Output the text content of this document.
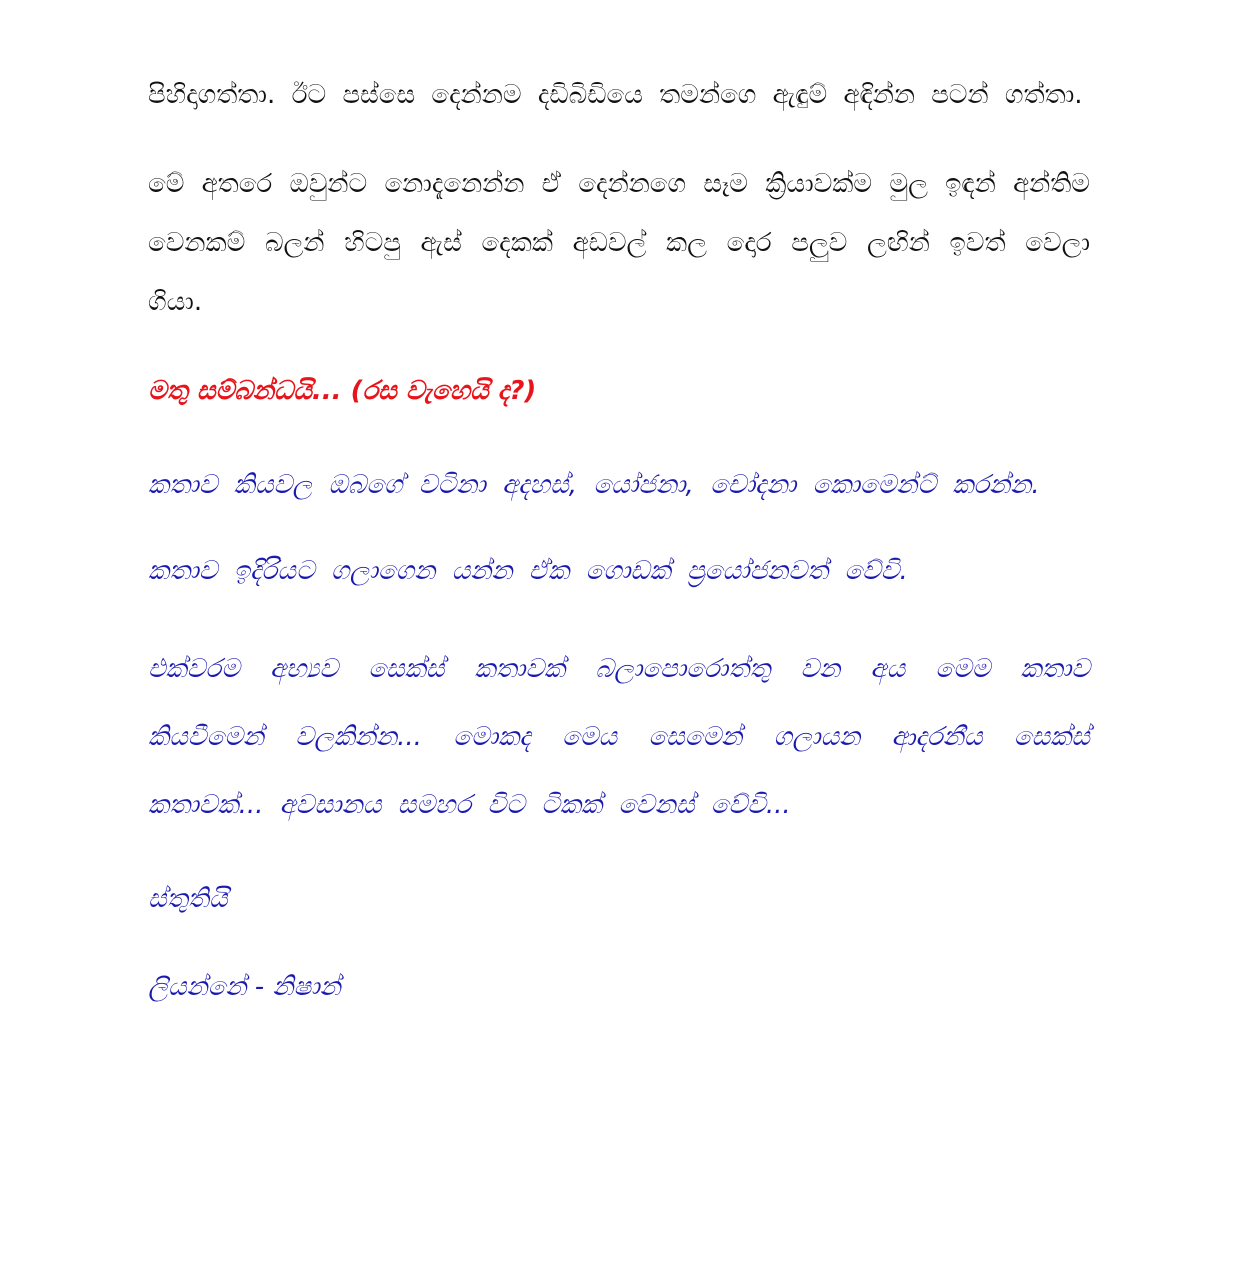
පිහිදාගත්තා. ඊට පස්සෙ දෙන්නම දඩිබිඩියෙ තමන්ගෙ ඇඳුම් අඳින්න පටන් ගත්තා.

මේ අතරෙ ඔවුන්ට නොදැනෙන්න ඒ දෙන්නගෙ සෑම ක්‍රියාවක්ම මුල ඉඳන් අන්තිම වෙනකම් බලන් හිටපු ඇස් දෙකක් අඩවල් කල දොර පලුව ලඟින් ඉවත් වෙලා ගියා.

මතු සම්බන්ධයි... (රස වැහෙයි ද?)

කතාව කියවල ඔබගේ වටිනා අදහස්, යෝජනා, චෝදනා කොමෙන්ට් කරන්න.

කතාව ඉදිරියට ගලාගෙන යන්න ඒක ගොඩක් ප්‍රයෝජනවත් වේවි.

එක්වරම අභ්‍යව සෙක්ස් කතාවක් බලාපොරොත්තු වන අය මෙම කතාව කියවීමෙන් වලකින්න... මොකද මෙය සෙමෙන් ගලායන ආදරනීය සෙක්ස් කතාවක්... අවසානය සමහර විට ටිකක් වෙනස් වේවි...

ස්තුතියි

ලියන්නේ - නිෂාන්
